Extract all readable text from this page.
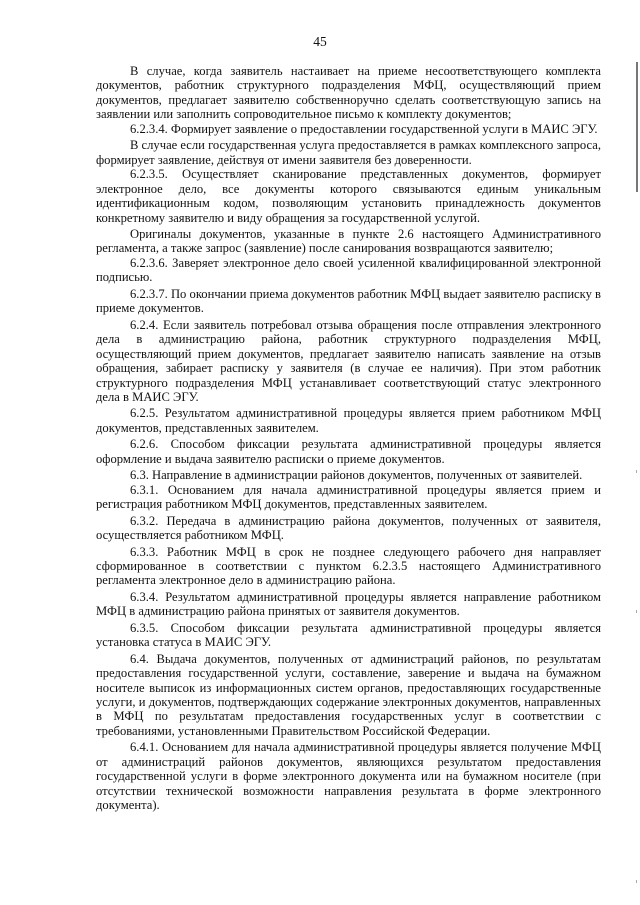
45

В случае, когда заявитель настаивает на приеме несоответствующего комплекта документов, работник структурного подразделения МФЦ, осуществляющий прием документов, предлагает заявителю собственноручно сделать соответствующую запись на заявлении или заполнить сопроводительное письмо к комплекту документов;

6.2.3.4. Формирует заявление о предоставлении государственной услуги в МАИС ЭГУ.

В случае если государственная услуга предоставляется в рамках комплексного запроса, формирует заявление, действуя от имени заявителя без доверенности.

6.2.3.5. Осуществляет сканирование представленных документов, формирует электронное дело, все документы которого связываются единым уникальным идентификационным кодом, позволяющим установить принадлежность документов конкретному заявителю и виду обращения за государственной услугой.

Оригиналы документов, указанные в пункте 2.6 настоящего Административного регламента, а также запрос (заявление) после санирования возвращаются заявителю;

6.2.3.6. Заверяет электронное дело своей усиленной квалифицированной электронной подписью.

6.2.3.7. По окончании приема документов работник МФЦ выдает заявителю расписку в приеме документов.

6.2.4. Если заявитель потребовал отзыва обращения после отправления электронного дела в администрацию района, работник структурного подразделения МФЦ, осуществляющий прием документов, предлагает заявителю написать заявление на отзыв обращения, забирает расписку у заявителя (в случае ее наличия). При этом работник структурного подразделения МФЦ устанавливает соответствующий статус электронного дела в МАИС ЭГУ.

6.2.5. Результатом административной процедуры является прием работником МФЦ документов, представленных заявителем.

6.2.6. Способом фиксации результата административной процедуры является оформление и выдача заявителю расписки о приеме документов.

6.3. Направление в администрации районов документов, полученных от заявителей.

6.3.1. Основанием для начала административной процедуры является прием и регистрация работником МФЦ документов, представленных заявителем.

6.3.2. Передача в администрацию района документов, полученных от заявителя, осуществляется работником МФЦ.

6.3.3. Работник МФЦ в срок не позднее следующего рабочего дня направляет сформированное в соответствии с пунктом 6.2.3.5 настоящего Административного регламента электронное дело в администрацию района.

6.3.4. Результатом административной процедуры является направление работником МФЦ в администрацию района принятых от заявителя документов.

6.3.5. Способом фиксации результата административной процедуры является установка статуса в МАИС ЭГУ.

6.4. Выдача документов, полученных от администраций районов, по результатам предоставления государственной услуги, составление, заверение и выдача на бумажном носителе выписок из информационных систем органов, предоставляющих государственные услуги, и документов, подтверждающих содержание электронных документов, направленных в МФЦ по результатам предоставления государственных услуг в соответствии с требованиями, установленными Правительством Российской Федерации.

6.4.1. Основанием для начала административной процедуры является получение МФЦ от администраций районов документов, являющихся результатом предоставления государственной услуги в форме электронного документа или на бумажном носителе (при отсутствии технической возможности направления результата в форме электронного документа).
